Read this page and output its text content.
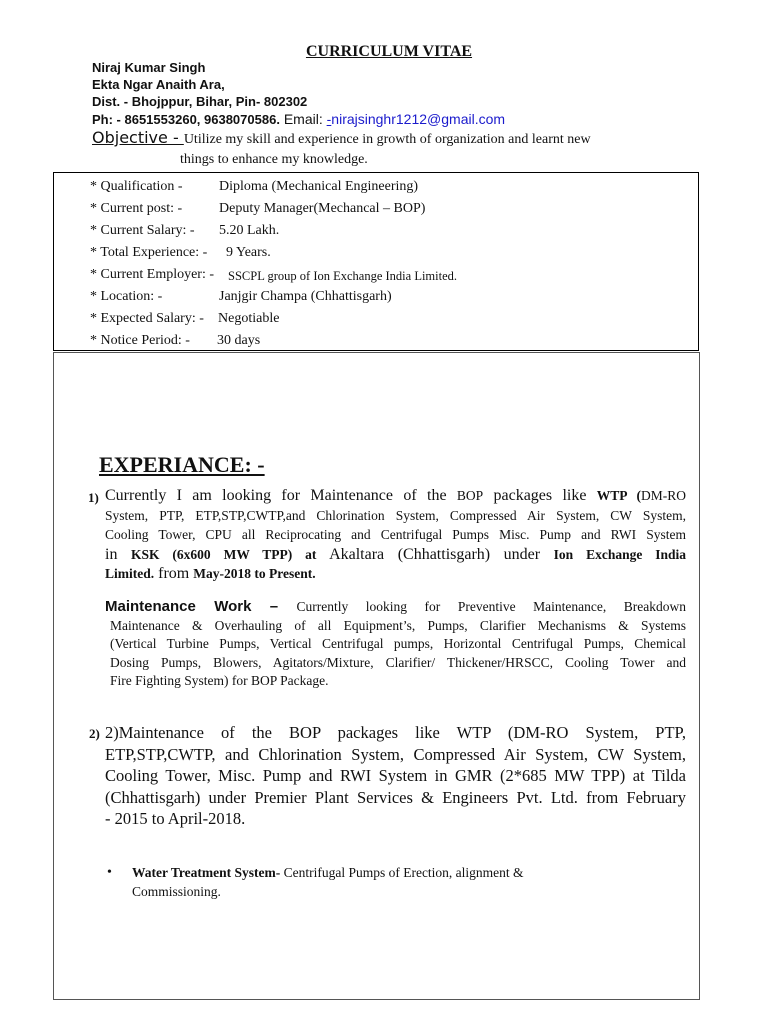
CURRICULUM VITAE
Niraj Kumar Singh
Ekta Ngar Anaith Ara,
Dist. - Bhojppur, Bihar, Pin- 802302
Ph: - 8651553260, 9638070586. Email: -nirajsinghr1212@gmail.com
Objective - Utilize my skill and experience in growth of organization and learnt new
things to enhance my knowledge.
* Qualification -	Diploma (Mechanical Engineering)
* Current post: -	Deputy Manager(Mechancal – BOP)
* Current Salary: - 5.20 Lakh.
* Total Experience: - 9 Years.
* Current Employer: - SSCPL group of Ion Exchange India Limited.
* Location: -	Janjgir Champa (Chhattisgarh)
* Expected Salary: - Negotiable
* Notice Period: - 30 days
EXPERIANCE: -
1) Currently I am looking for Maintenance of the BOP packages like WTP (DM-RO
System, PTP, ETP,STP,CWTP,and Chlorination System, Compressed Air System, CW System,
Cooling Tower, CPU all Reciprocating and Centrifugal Pumps Misc. Pump and RWI System
in KSK (6x600 MW TPP) at Akaltara (Chhattisgarh) under Ion Exchange India
Limited. from May-2018 to Present.
Maintenance Work – Currently looking for Preventive Maintenance, Breakdown
Maintenance & Overhauling of all Equipment’s, Pumps, Clarifier Mechanisms & Systems
(Vertical Turbine Pumps, Vertical Centrifugal pumps, Horizontal Centrifugal Pumps, Chemical
Dosing Pumps, Blowers, Agitators/Mixture, Clarifier/ Thickener/HRSCC, Cooling Tower and
Fire Fighting System) for BOP Package.
2) 2)Maintenance of the BOP packages like WTP (DM-RO System, PTP,
ETP,STP,CWTP, and Chlorination System, Compressed Air System, CW System,
Cooling Tower, Misc. Pump and RWI System in GMR (2*685 MW TPP) at Tilda
(Chhattisgarh) under Premier Plant Services & Engineers Pvt. Ltd. from February
- 2015 to April-2018.
• Water Treatment System- Centrifugal Pumps of Erection, alignment &
Commissioning.
